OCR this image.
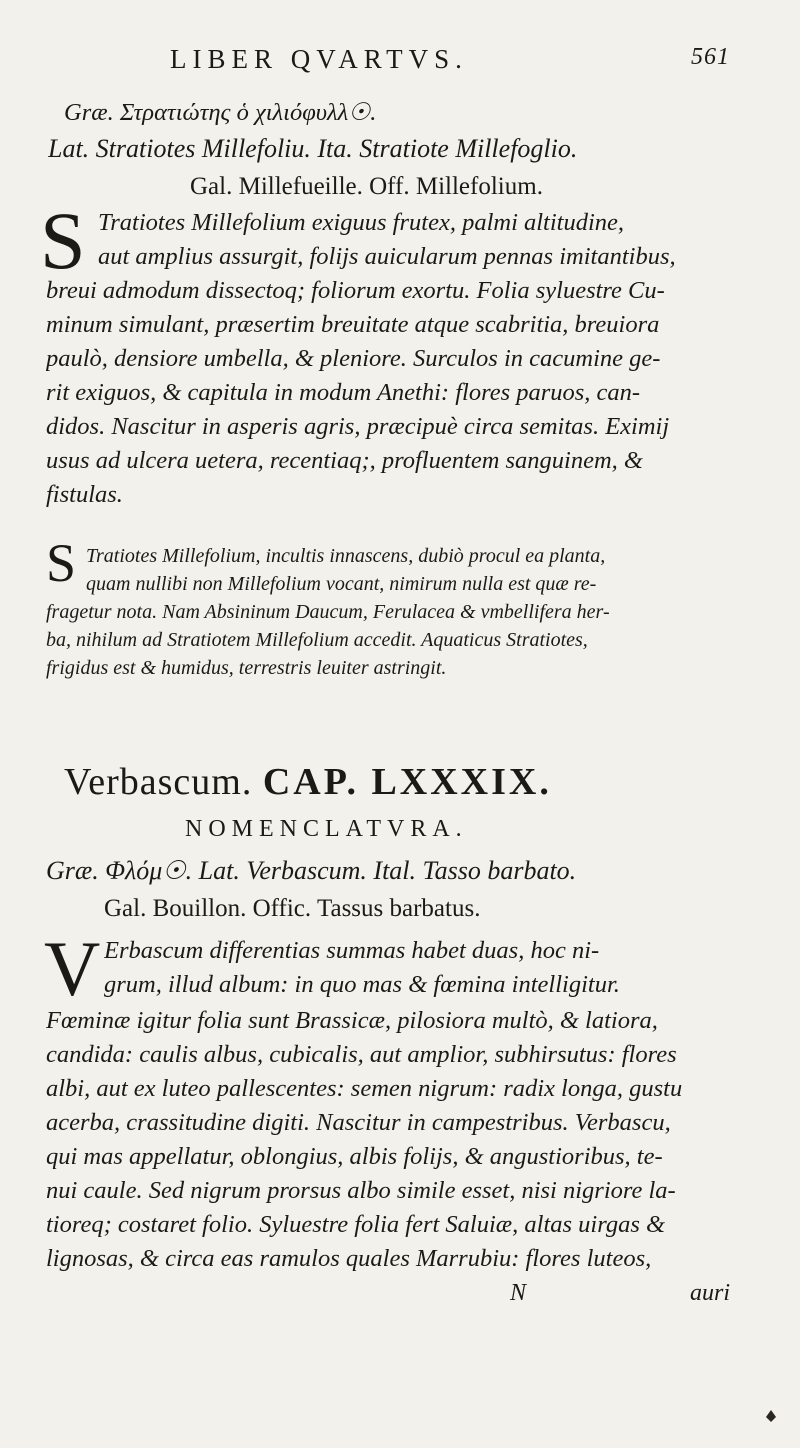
LIBER QVARTVS.	561
Græ. Στρατιώτης ὁ χιλιόφυλλ☉.
Lat. Stratiotes Millefoliu. Ita. Stratiote Millefoglio.
Gal. Millefueille. Off. Millefolium.
S Tratiotes Millefolium exiguus frutex, palmi altitudine,
aut amplius assurgit, folijs auicularum pennas imitantibus,
breui admodum dissectoq; foliorum exortu. Folia syluestre Cu-
minum simulant, præsertim breuitate atque scabritia, breuiora
paulò, densiore umbella, & pleniore. Surculos in cacumine ge-
rit exiguos, & capitula in modum Anethi: flores paruos, can-
didos. Nascitur in asperis agris, præcipuè circa semitas. Eximij
usus ad ulcera uetera, recentiaq;, profluentem sanguinem, &
fistulas.
S Tratiotes Millefolium, incultis innascens, dubiò procul ea planta,
quam nullibi non Millefolium vocant, nimirum nulla est quæ re-
fragetur nota. Nam Absininum Daucum, Ferulacea & vmbellifera her-
ba, nihilum ad Stratiotem Millefolium accedit. Aquaticus Stratiotes,
frigidus est & humidus, terrestris leuiter astringit.
Verbascum. CAP. LXXXIX.
NOMENCLATVRA.
Græ. Φλόμ☉. Lat. Verbascum. Ital. Tasso barbato.
Gal. Bouillon. Offic. Tassus barbatus.
V Erbascum differentias summas habet duas, hoc ni-
grum, illud album: in quo mas & fœmina intelligitur.
Fœminæ igitur folia sunt Brassicæ, pilosiora multò, & latiora,
candida: caulis albus, cubicalis, aut amplior, subhirsutus: flores
albi, aut ex luteo pallescentes: semen nigrum: radix longa, gustu
acerba, crassitudine digiti. Nascitur in campestribus. Verbascu,
qui mas appellatur, oblongius, albis folijs, & angustioribus, te-
nui caule. Sed nigrum prorsus albo simile esset, nisi nigriore la-
tioreq; costaret folio. Syluestre folia fert Saluiæ, altas uirgas &
lignosas, & circa eas ramulos quales Marrubiu: flores luteos,
N	auri
